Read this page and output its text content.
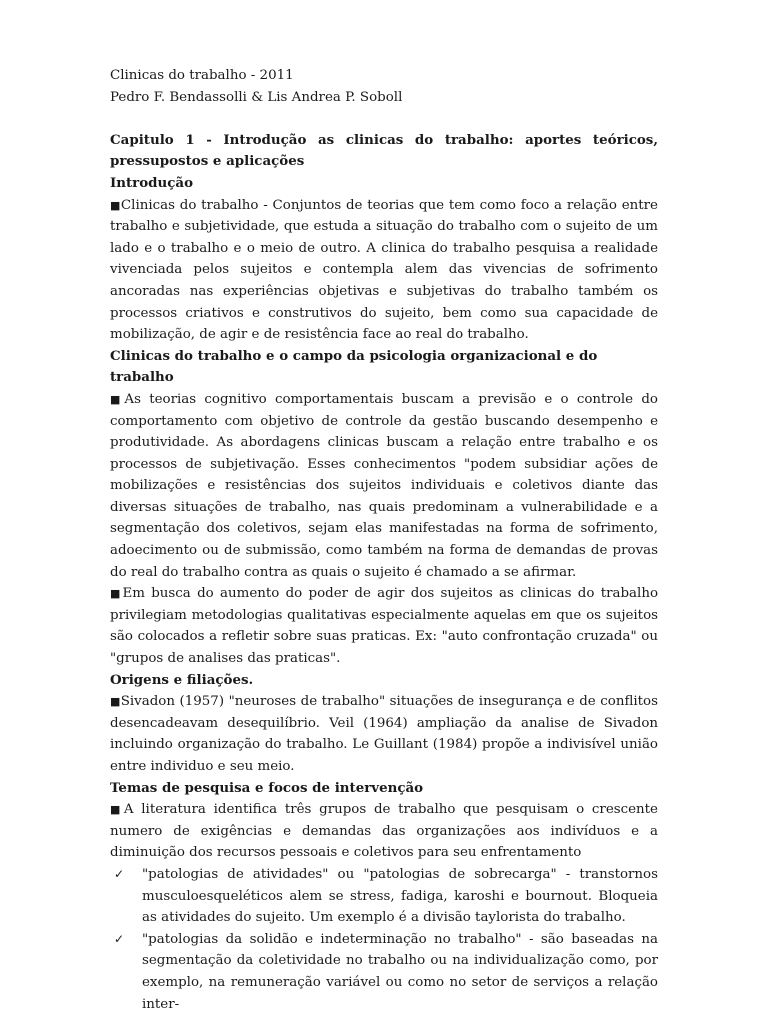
Clinicas do trabalho - 2011

Pedro F. Bendassolli & Lis Andrea P. Soboll

Capitulo 1 - Introdução as clinicas do trabalho: aportes teóricos, pressupostos e aplicações

Introdução

■ Clinicas do trabalho - Conjuntos de teorias que tem como foco a relação entre trabalho e subjetividade, que estuda a situação do trabalho com o sujeito de um lado e o trabalho e o meio de outro. A clinica do trabalho pesquisa a realidade vivenciada pelos sujeitos e contempla alem das vivencias de sofrimento ancoradas nas experiências objetivas e subjetivas do trabalho também os processos criativos e construtivos do sujeito, bem como sua capacidade de mobilização, de agir e de resistência face ao real do trabalho.

Clinicas do trabalho e o campo da psicologia organizacional e do trabalho

■ As teorias cognitivo comportamentais buscam a previsão e o controle do comportamento com objetivo de controle da gestão buscando desempenho e produtividade. As abordagens clinicas buscam a relação entre trabalho e os processos de subjetivação. Esses conhecimentos "podem subsidiar ações de mobilizações e resistências dos sujeitos individuais e coletivos diante das diversas situações de trabalho, nas quais predominam a vulnerabilidade e a segmentação dos coletivos, sejam elas manifestadas na forma de sofrimento, adoecimento ou de submissão, como também na forma de demandas de provas do real do trabalho contra as quais o sujeito é chamado a se afirmar.

■ Em busca do aumento do poder de agir dos sujeitos as clinicas do trabalho privilegiam metodologias qualitativas especialmente aquelas em que os sujeitos são colocados a refletir sobre suas praticas. Ex: "auto confrontação cruzada" ou "grupos de analises das praticas".

Origens e filiações.

■ Sivadon (1957) "neuroses de trabalho" situações de insegurança e de conflitos desencadeavam desequilíbrio. Veil (1964) ampliação da analise de Sivadon incluindo organização do trabalho. Le Guillant (1984) propõe a indivisível união entre individuo e seu meio.

Temas de pesquisa e focos de intervenção

■ A literatura identifica três grupos de trabalho que pesquisam o crescente numero de exigências e demandas das organizações aos indivíduos e a diminuição dos recursos pessoais e coletivos para seu enfrentamento

✓ "patologias de atividades" ou "patologias de sobrecarga" - transtornos musculoesqueléticos alem se stress, fadiga, karoshi e bournout. Bloqueia as atividades do sujeito. Um exemplo é a divisão taylorista do trabalho.
✓ "patologias da solidão e indeterminação no trabalho" - são baseadas na segmentação da coletividade no trabalho ou na individualização como, por exemplo, na remuneração variável ou como no setor de serviços a relação inter-
